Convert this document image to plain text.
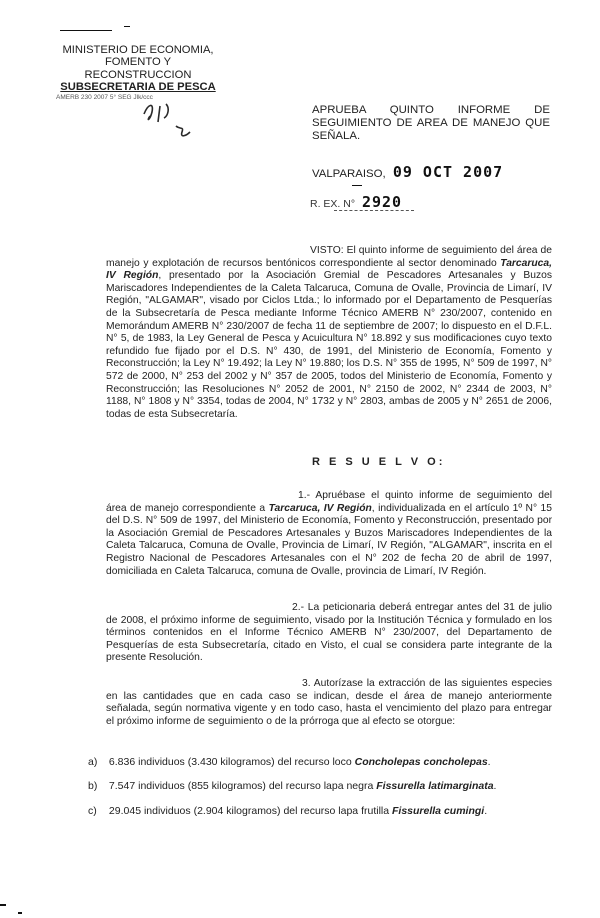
MINISTERIO DE ECONOMIA,
FOMENTO Y RECONSTRUCCION
SUBSECRETARIA DE PESCA
AMERB 230 2007 5° SEG Jlk/ccc
APRUEBA QUINTO INFORME DE SEGUIMIENTO DE AREA DE MANEJO QUE SEÑALA.
VALPARAISO, 09 OCT 2007
R. EX. N° 2920
VISTO: El quinto informe de seguimiento del área de manejo y explotación de recursos bentónicos correspondiente al sector denominado Tarcaruca, IV Región, presentado por la Asociación Gremial de Pescadores Artesanales y Buzos Mariscadores Independientes de la Caleta Talcaruca, Comuna de Ovalle, Provincia de Limarí, IV Región, "ALGAMAR", visado por Ciclos Ltda.; lo informado por el Departamento de Pesquerías de la Subsecretaría de Pesca mediante Informe Técnico AMERB N° 230/2007, contenido en Memorándum AMERB N° 230/2007 de fecha 11 de septiembre de 2007; lo dispuesto en el D.F.L. N° 5, de 1983, la Ley General de Pesca y Acuicultura N° 18.892 y sus modificaciones cuyo texto refundido fue fijado por el D.S. N° 430, de 1991, del Ministerio de Economía, Fomento y Reconstrucción; la Ley N° 19.492; la Ley N° 19.880; los D.S. N° 355 de 1995, N° 509 de 1997, N° 572 de 2000, N° 253 del 2002 y N° 357 de 2005, todos del Ministerio de Economía, Fomento y Reconstrucción; las Resoluciones N° 2052 de 2001, N° 2150 de 2002, N° 2344 de 2003, N° 1188, N° 1808 y N° 3354, todas de 2004, N° 1732 y N° 2803, ambas de 2005 y N° 2651 de 2006, todas de esta Subsecretaría.
R E S U E L V O:
1.- Apruébase el quinto informe de seguimiento del área de manejo correspondiente a Tarcaruca, IV Región, individualizada en el artículo 1º N° 15 del D.S. N° 509 de 1997, del Ministerio de Economía, Fomento y Reconstrucción, presentado por la Asociación Gremial de Pescadores Artesanales y Buzos Mariscadores Independientes de la Caleta Talcaruca, Comuna de Ovalle, Provincia de Limarí, IV Región, "ALGAMAR", inscrita en el Registro Nacional de Pescadores Artesanales con el N° 202 de fecha 20 de abril de 1997, domiciliada en Caleta Talcaruca, comuna de Ovalle, provincia de Limarí, IV Región.
2.- La peticionaria deberá entregar antes del 31 de julio de 2008, el próximo informe de seguimiento, visado por la Institución Técnica y formulado en los términos contenidos en el Informe Técnico AMERB N° 230/2007, del Departamento de Pesquerías de esta Subsecretaría, citado en Visto, el cual se considera parte integrante de la presente Resolución.
3. Autorízase la extracción de las siguientes especies en las cantidades que en cada caso se indican, desde el área de manejo anteriormente señalada, según normativa vigente y en todo caso, hasta el vencimiento del plazo para entregar el próximo informe de seguimiento o de la prórroga que al efecto se otorgue:
a) 6.836 individuos (3.430 kilogramos) del recurso loco Concholepas concholepas.
b) 7.547 individuos (855 kilogramos) del recurso lapa negra Fissurella latimarginata.
c) 29.045 individuos (2.904 kilogramos) del recurso lapa frutilla Fissurella cumingi.
